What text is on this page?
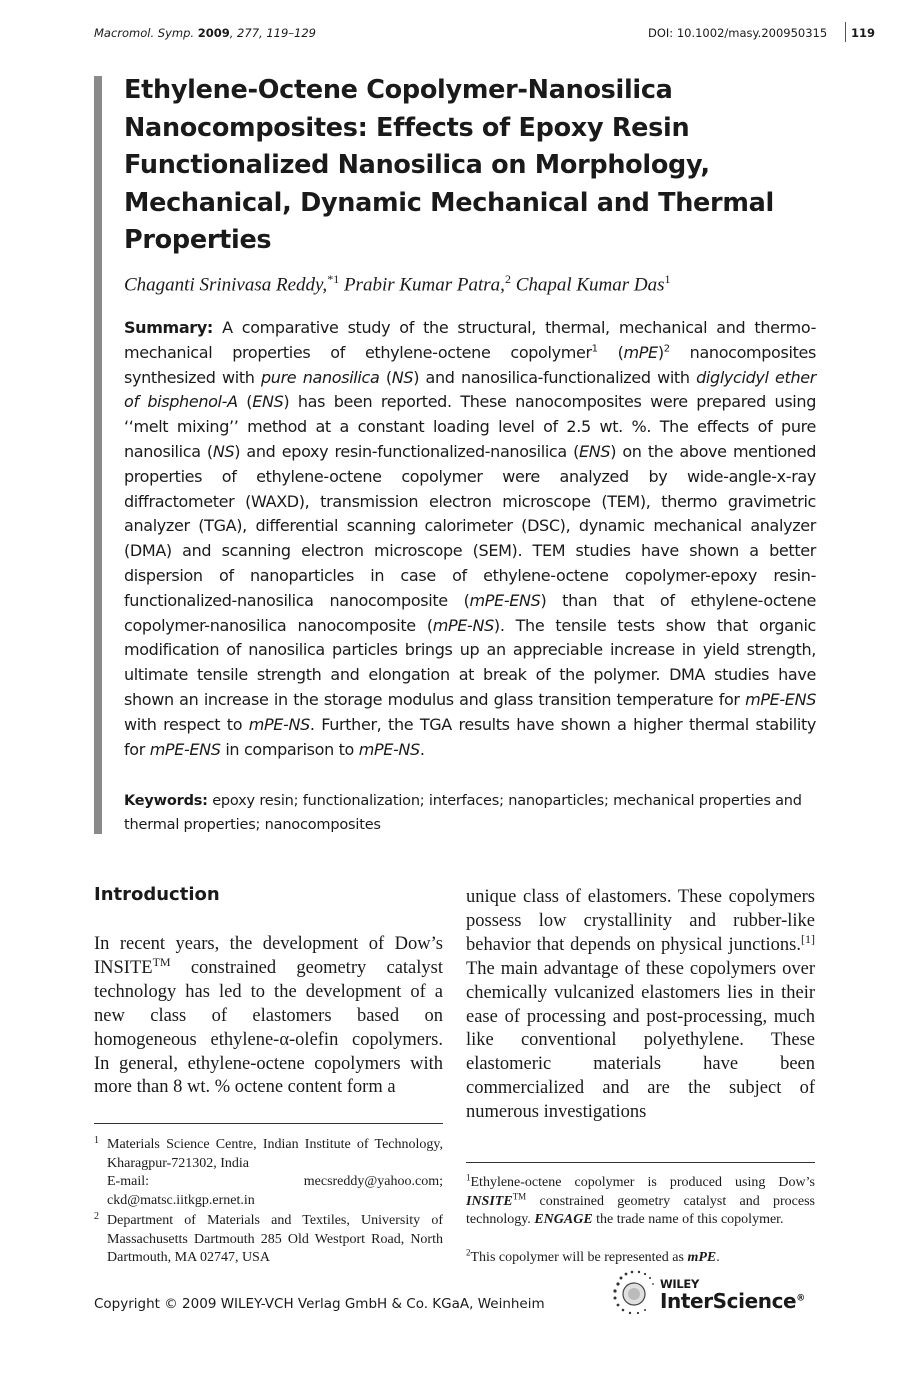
Macromol. Symp. 2009, 277, 119–129	DOI: 10.1002/masy.200950315 119
Ethylene-Octene Copolymer-Nanosilica Nanocomposites: Effects of Epoxy Resin Functionalized Nanosilica on Morphology, Mechanical, Dynamic Mechanical and Thermal Properties
Chaganti Srinivasa Reddy,$^{*1}$ Prabir Kumar Patra,$^2$ Chapal Kumar Das$^1$

Summary: A comparative study of the structural, thermal, mechanical and thermo-mechanical properties of ethylene-octene copolymer$^1$ (mPE)$^2$ nanocomposites synthesized with pure nanosilica (NS) and nanosilica-functionalized with diglycidyl ether of bisphenol-A (ENS) has been reported. These nanocomposites were prepared using ‘‘melt mixing’’ method at a constant loading level of 2.5 wt. %. The effects of pure nanosilica (NS) and epoxy resin-functionalized-nanosilica (ENS) on the above mentioned properties of ethylene-octene copolymer were analyzed by wide-angle-x-ray diffractometer (WAXD), transmission electron microscope (TEM), thermo gravimetric analyzer (TGA), differential scanning calorimeter (DSC), dynamic mechanical analyzer (DMA) and scanning electron microscope (SEM). TEM studies have shown a better dispersion of nanoparticles in case of ethylene-octene copolymer-epoxy resin-functionalized-nanosilica nanocomposite (mPE-ENS) than that of ethylene-octene copolymer-nanosilica nanocomposite (mPE-NS). The tensile tests show that organic modification of nanosilica particles brings up an appreciable increase in yield strength, ultimate tensile strength and elongation at break of the polymer. DMA studies have shown an increase in the storage modulus and glass transition temperature for mPE-ENS with respect to mPE-NS. Further, the TGA results have shown a higher thermal stability for mPE-ENS in comparison to mPE-NS.

Keywords: epoxy resin; functionalization; interfaces; nanoparticles; mechanical properties and thermal properties; nanocomposites

Introduction

In recent years, the development of Dow’s INSITE™ constrained geometry catalyst technology has led to the development of a new class of elastomers based on homogeneous ethylene-α-olefin copolymers. In general, ethylene-octene copolymers with more than 8 wt. % octene content form a

unique class of elastomers. These copolymers possess low crystallinity and rubber-like behavior that depends on physical junctions.[1] The main advantage of these copolymers over chemically vulcanized elastomers lies in their ease of processing and post-processing, much like conventional polyethylene. These elastomeric materials have been commercialized and are the subject of numerous investigations

1 Materials Science Centre, Indian Institute of Technology, Kharagpur-721302, India
E-mail: mecsreddy@yahoo.com; ckd@matsc.iitkgp.ernet.in

2 Department of Materials and Textiles, University of Massachusetts Dartmouth 285 Old Westport Road, North Dartmouth, MA 02747, USA

$^1$Ethylene-octene copolymer is produced using Dow’s INSITE™ constrained geometry catalyst and process technology. ENGAGE the trade name of this copolymer.

$^2$This copolymer will be represented as mPE.

Copyright © 2009 WILEY-VCH Verlag GmbH & Co. KGaA, Weinheim
WILEY
InterScience®
